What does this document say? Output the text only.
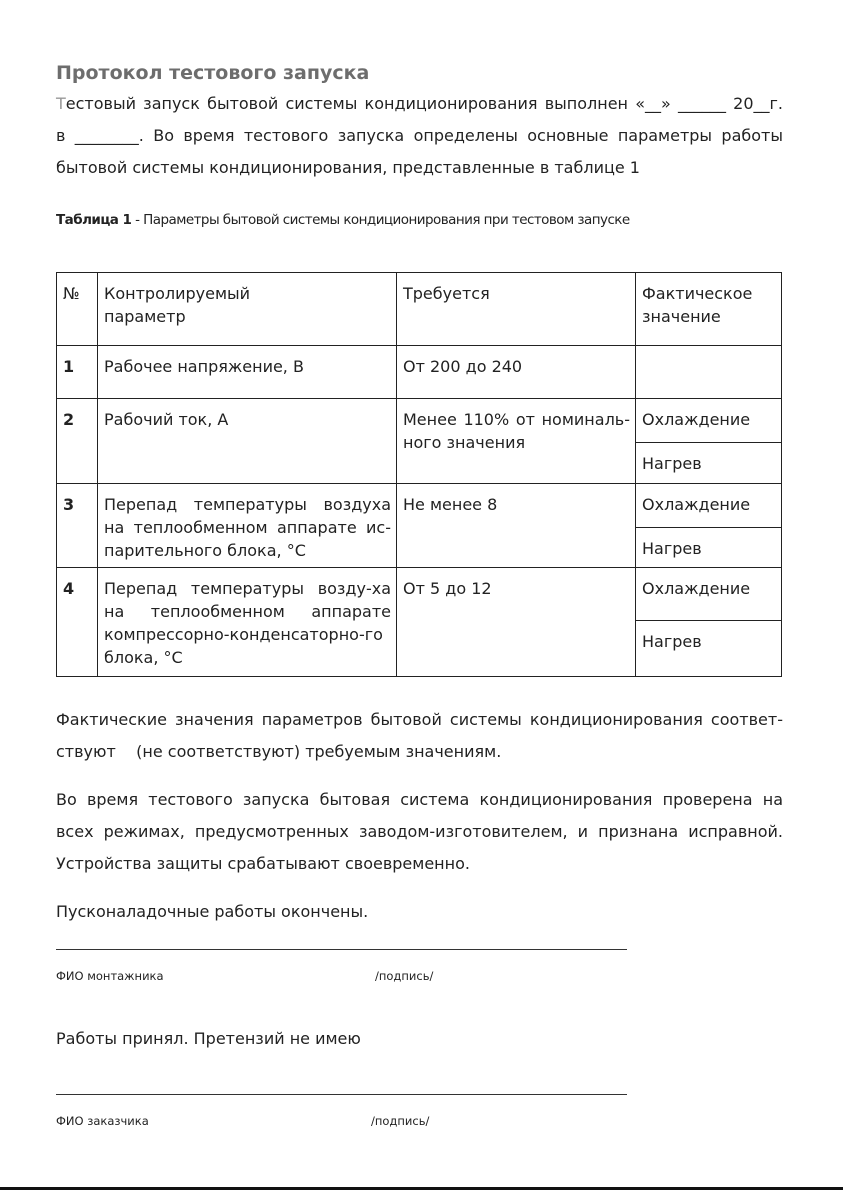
Протокол тестового запуска
Тестовый запуск бытовой системы кондиционирования выполнен «__» ______ 20__г.
в ________. Во время тестового запуска определены основные параметры работы
бытовой системы кондиционирования, представленные в таблице 1
Таблица 1 - Параметры бытовой системы кондиционирования при тестовом запуске
№	Контролируемый параметр	Требуется	Фактическое значение
1	Рабочее напряжение, В	От 200 до 240	
2	Рабочий ток, А	Менее 110% от номиналь-ного значения	Охлаждение
			Нагрев
3	Перепад температуры воздуха на теплообменном аппарате ис-парительного блока, °С	Не менее 8	Охлаждение
			Нагрев
4	Перепад температуры возду-ха на теплообменном аппарате компрессорно-конденсаторно-го блока, °С	От 5 до 12	Охлаждение
			Нагрев
Фактические значения параметров бытовой системы кондиционирования соответ-
ствуют    (не соответствуют) требуемым значениям.
Во время тестового запуска бытовая система кондиционирования проверена на
всех режимах, предусмотренных заводом-изготовителем, и признана исправной.
Устройства защиты срабатывают своевременно.
Пусконаладочные работы окончены.
ФИО монтажника	/подпись/
Работы принял. Претензий не имею
ФИО заказчика	/подпись/
